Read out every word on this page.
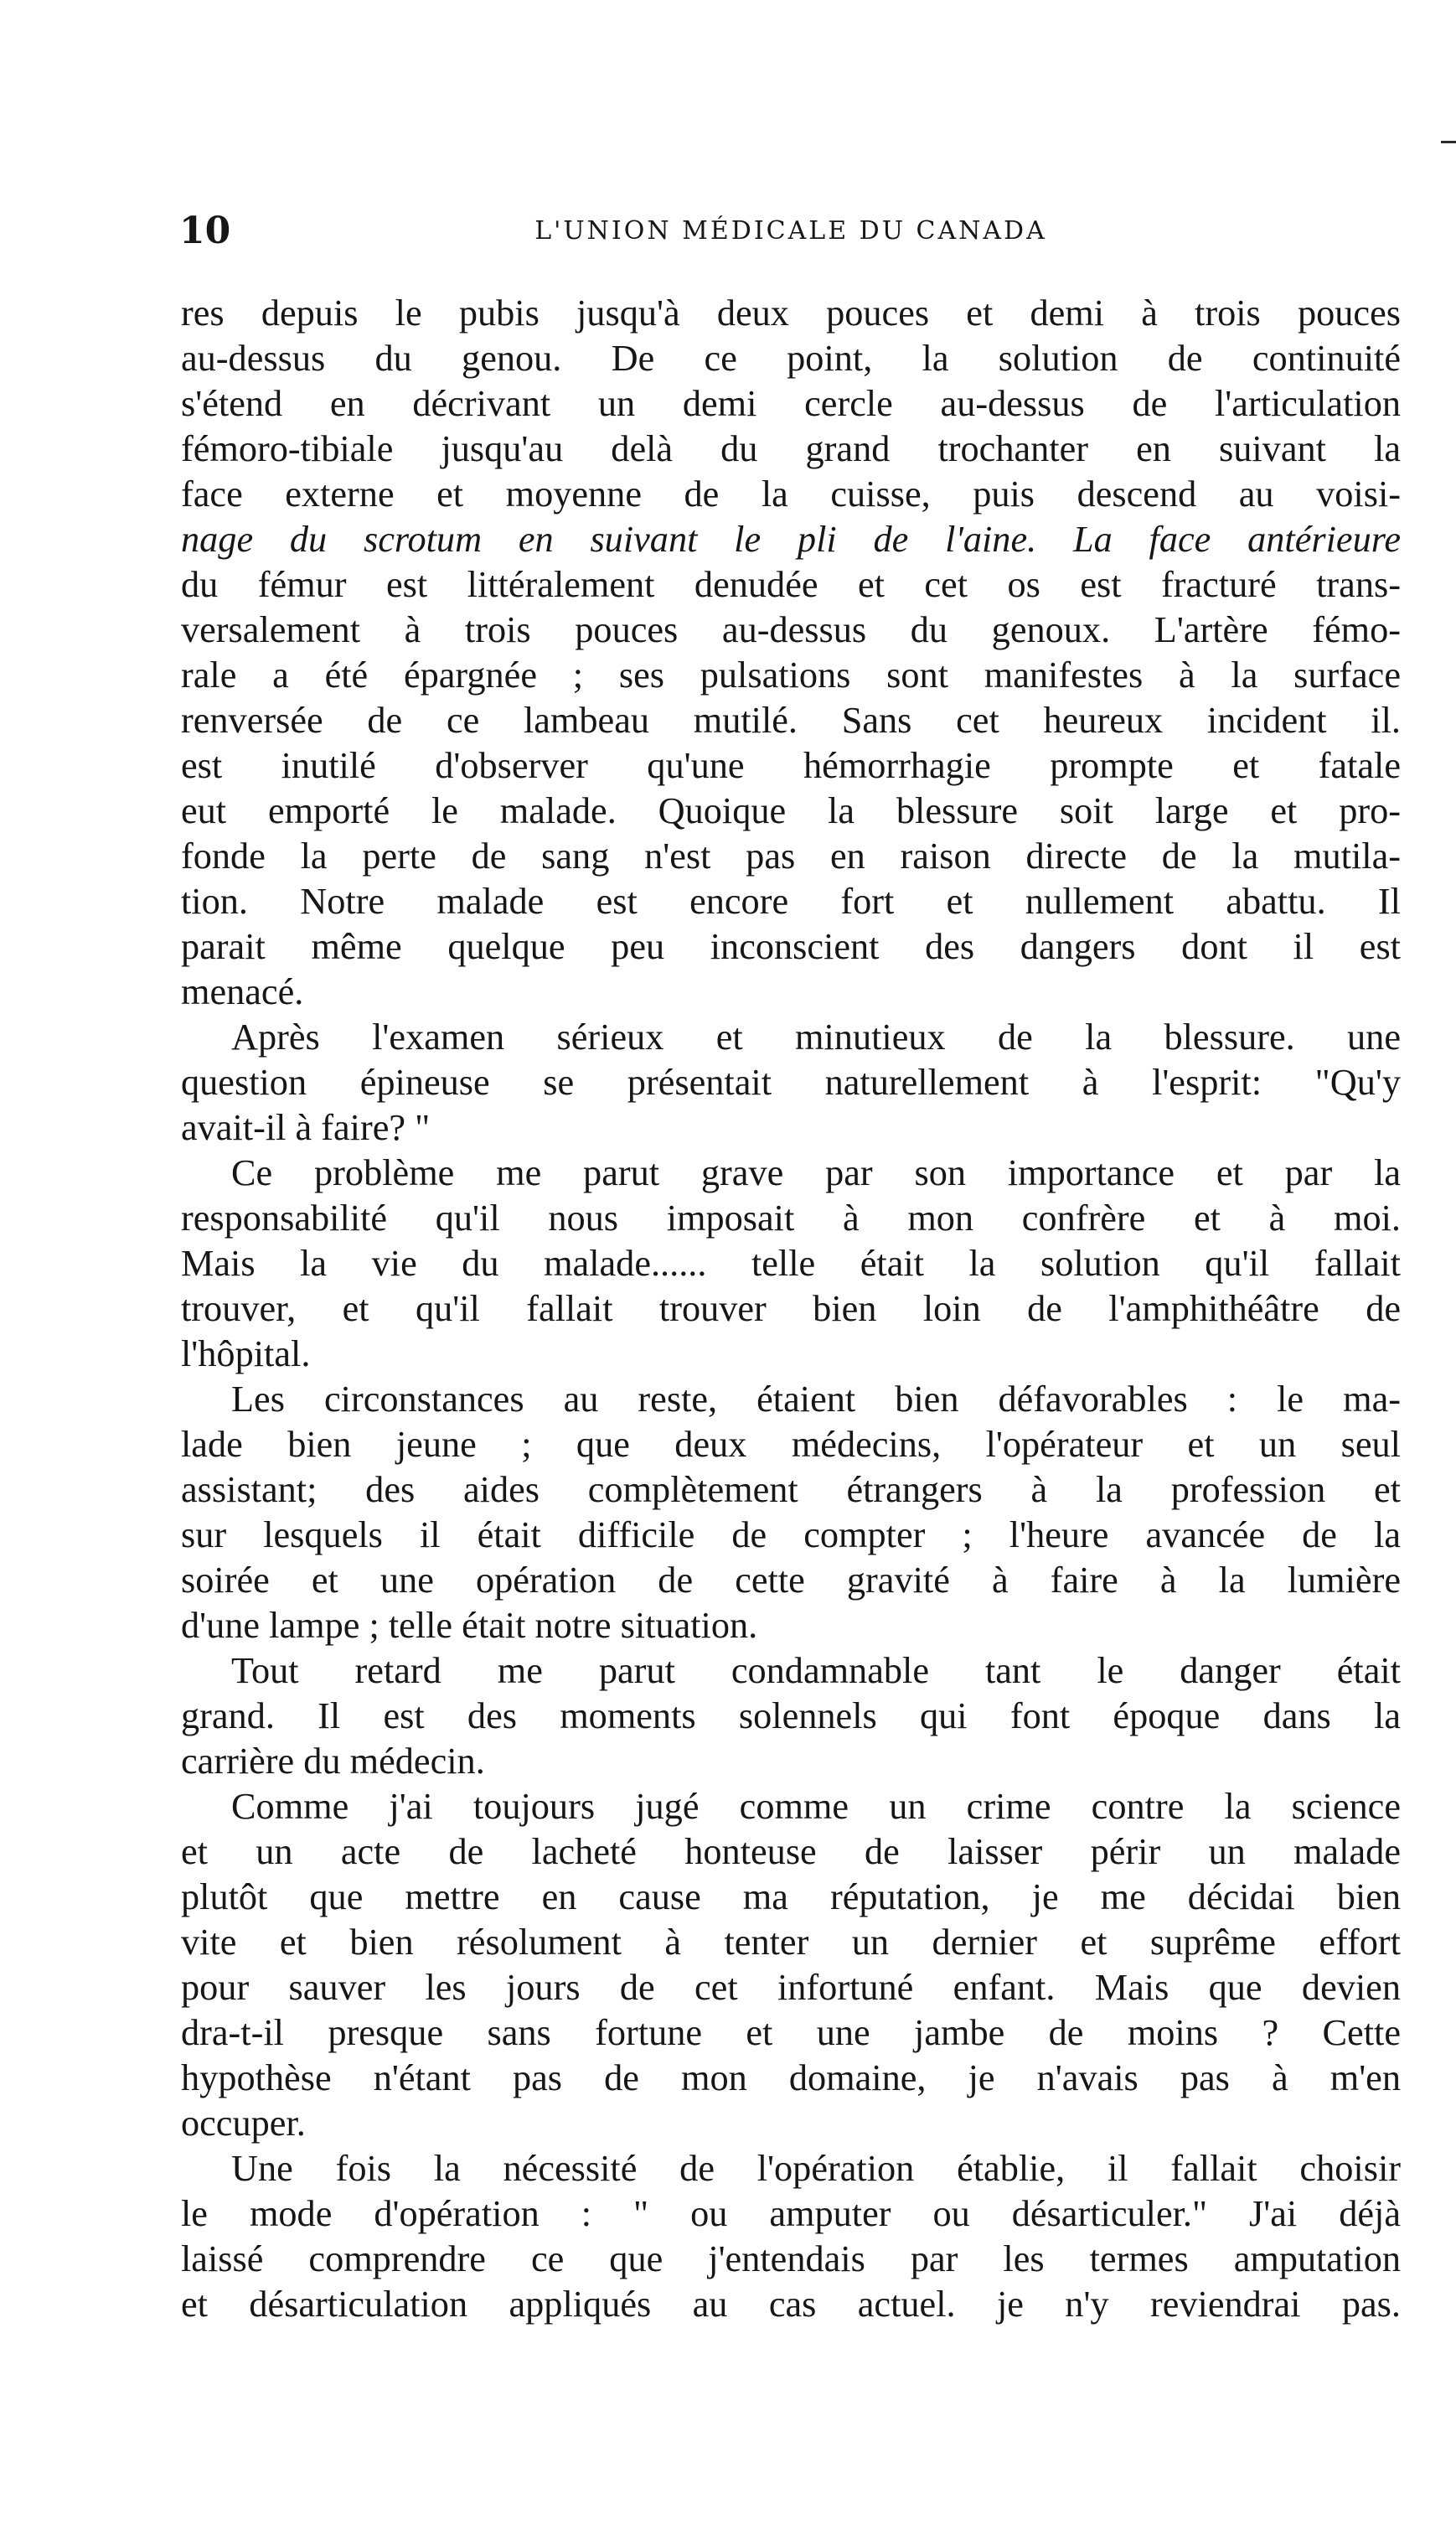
10	L'UNION MÉDICALE DU CANADA
res depuis le pubis jusqu'à deux pouces et demi à trois pouces
au-dessus du genou. De ce point, la solution de continuité
s'étend en décrivant un demi cercle au-dessus de l'articulation
fémoro-tibiale jusqu'au delà du grand trochanter en suivant la
face externe et moyenne de la cuisse, puis descend au voisi-
nage du scrotum en suivant le pli de l'aine. La face antérieure
du fémur est littéralement denudée et cet os est fracturé trans-
versalement à trois pouces au-dessus du genoux. L'artère fémo-
rale a été épargnée ; ses pulsations sont manifestes à la surface
renversée de ce lambeau mutilé. Sans cet heureux incident il.
est inutilé d'observer qu'une hémorrhagie prompte et fatale
eut emporté le malade. Quoique la blessure soit large et pro-
fonde la perte de sang n'est pas en raison directe de la mutila-
tion. Notre malade est encore fort et nullement abattu. Il
parait même quelque peu inconscient des dangers dont il est
menacé.
Après l'examen sérieux et minutieux de la blessure. une
question épineuse se présentait naturellement à l'esprit: "Qu'y
avait-il à faire? "
Ce problème me parut grave par son importance et par la
responsabilité qu'il nous imposait à mon confrère et à moi.
Mais la vie du malade...... telle était la solution qu'il fallait
trouver, et qu'il fallait trouver bien loin de l'amphithéâtre de
l'hôpital.
Les circonstances au reste, étaient bien défavorables : le ma-
lade bien jeune ; que deux médecins, l'opérateur et un seul
assistant; des aides complètement étrangers à la profession et
sur lesquels il était difficile de compter ; l'heure avancée de la
soirée et une opération de cette gravité à faire à la lumière
d'une lampe ; telle était notre situation.
Tout retard me parut condamnable tant le danger était
grand. Il est des moments solennels qui font époque dans la
carrière du médecin.
Comme j'ai toujours jugé comme un crime contre la science
et un acte de lacheté honteuse de laisser périr un malade
plutôt que mettre en cause ma réputation, je me décidai bien
vite et bien résolument à tenter un dernier et suprême effort
pour sauver les jours de cet infortuné enfant. Mais que devien
dra-t-il presque sans fortune et une jambe de moins ? Cette
hypothèse n'étant pas de mon domaine, je n'avais pas à m'en
occuper.
Une fois la nécessité de l'opération établie, il fallait choisir
le mode d'opération : " ou amputer ou désarticuler." J'ai déjà
laissé comprendre ce que j'entendais par les termes amputation
et désarticulation appliqués au cas actuel. je n'y reviendrai pas.
